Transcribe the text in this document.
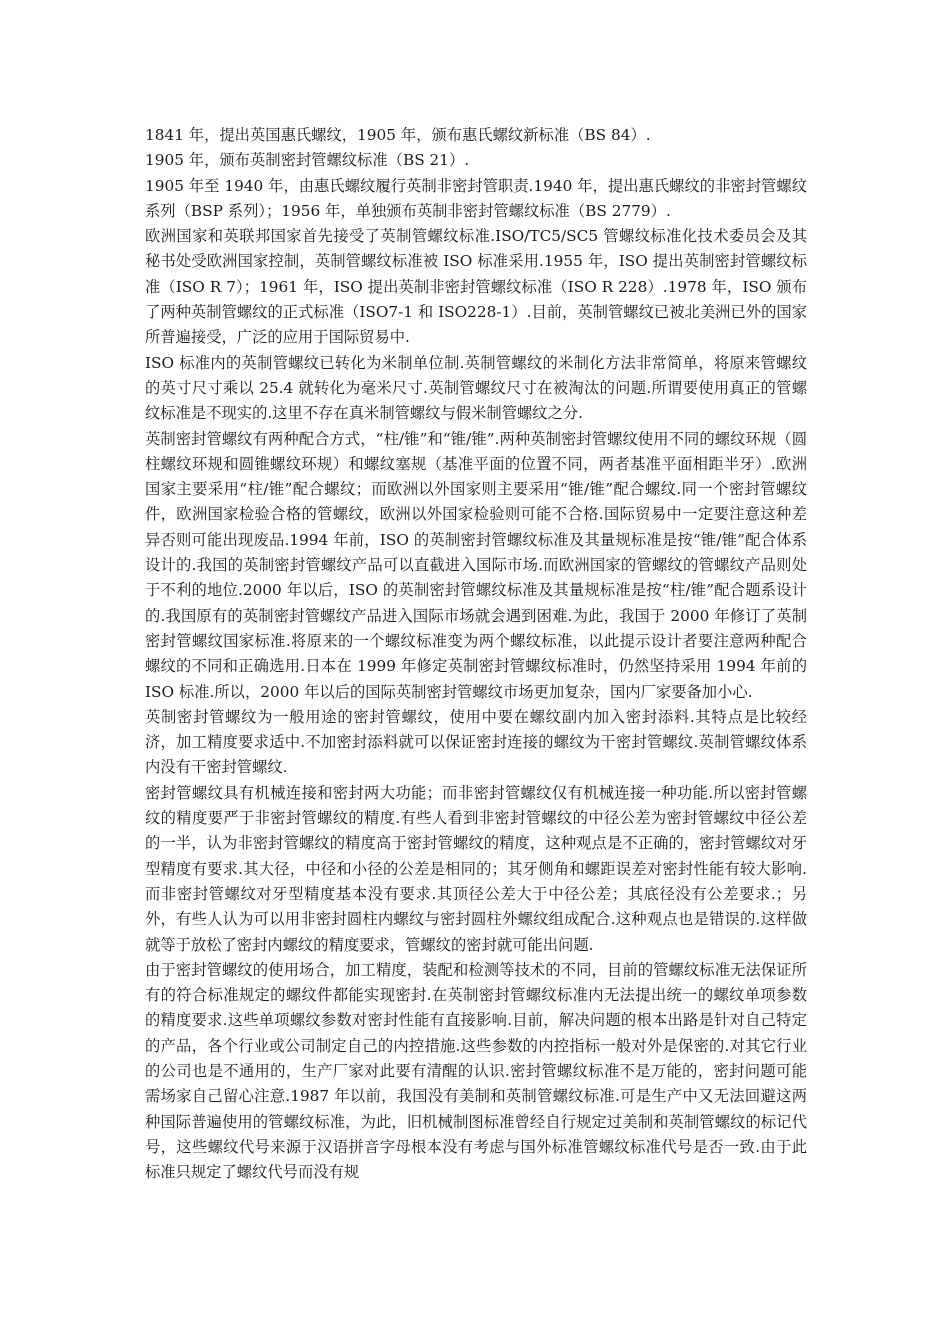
1841 年，提出英国惠氏螺纹，1905 年，颁布惠氏螺纹新标准（BS 84）.

1905 年，颁布英制密封管螺纹标准（BS 21）.

1905 年至 1940 年，由惠氏螺纹履行英制非密封管职责.1940 年，提出惠氏螺纹的非密封管螺纹系列（BSP 系列）；1956 年，单独颁布英制非密封管螺纹标准（BS 2779）.

欧洲国家和英联邦国家首先接受了英制管螺纹标准.ISO/TC5/SC5 管螺纹标准化技术委员会及其秘书处受欧洲国家控制，英制管螺纹标准被 ISO 标准采用.1955 年，ISO 提出英制密封管螺纹标准（ISO R 7）；1961 年，ISO 提出英制非密封管螺纹标准（ISO R 228）.1978 年，ISO 颁布了两种英制管螺纹的正式标准（ISO7-1 和 ISO228-1）.目前，英制管螺纹已被北美洲已外的国家所普遍接受，广泛的应用于国际贸易中.

ISO 标准内的英制管螺纹已转化为米制单位制.英制管螺纹的米制化方法非常简单，将原来管螺纹的英寸尺寸乘以 25.4 就转化为毫米尺寸.英制管螺纹尺寸在被淘汰的问题.所谓要使用真正的管螺纹标准是不现实的.这里不存在真米制管螺纹与假米制管螺纹之分.

英制密封管螺纹有两种配合方式，“柱/锥”和“锥/锥”.两种英制密封管螺纹使用不同的螺纹环规（圆柱螺纹环规和圆锥螺纹环规）和螺纹塞规（基准平面的位置不同，两者基准平面相距半牙）.欧洲国家主要采用“柱/锥”配合螺纹；而欧洲以外国家则主要采用“锥/锥”配合螺纹.同一个密封管螺纹件，欧洲国家检验合格的管螺纹，欧洲以外国家检验则可能不合格.国际贸易中一定要注意这种差异否则可能出现废品.1994 年前，ISO 的英制密封管螺纹标准及其量规标准是按“锥/锥”配合体系设计的.我国的英制密封管螺纹产品可以直截进入国际市场.而欧洲国家的管螺纹的管螺纹产品则处于不利的地位.2000 年以后，ISO 的英制密封管螺纹标准及其量规标准是按“柱/锥”配合题系设计的.我国原有的英制密封管螺纹产品进入国际市场就会遇到困难.为此，我国于 2000 年修订了英制密封管螺纹国家标准.将原来的一个螺纹标准变为两个螺纹标准，以此提示设计者要注意两种配合螺纹的不同和正确选用.日本在 1999 年修定英制密封管螺纹标准时，仍然坚持采用 1994 年前的 ISO 标准.所以，2000 年以后的国际英制密封管螺纹市场更加复杂，国内厂家要备加小心.

英制密封管螺纹为一般用途的密封管螺纹，使用中要在螺纹副内加入密封添料.其特点是比较经济，加工精度要求适中.不加密封添料就可以保证密封连接的螺纹为干密封管螺纹.英制管螺纹体系内没有干密封管螺纹.

密封管螺纹具有机械连接和密封两大功能；而非密封管螺纹仅有机械连接一种功能.所以密封管螺纹的精度要严于非密封管螺纹的精度.有些人看到非密封管螺纹的中径公差为密封管螺纹中径公差的一半，认为非密封管螺纹的精度高于密封管螺纹的精度，这种观点是不正确的，密封管螺纹对牙型精度有要求.其大径，中径和小径的公差是相同的；其牙侧角和螺距误差对密封性能有较大影响.而非密封管螺纹对牙型精度基本没有要求.其顶径公差大于中径公差；其底径没有公差要求.；另外，有些人认为可以用非密封圆柱内螺纹与密封圆柱外螺纹组成配合.这种观点也是错误的.这样做就等于放松了密封内螺纹的精度要求，管螺纹的密封就可能出问题.

由于密封管螺纹的使用场合，加工精度，装配和检测等技术的不同，目前的管螺纹标准无法保证所有的符合标准规定的螺纹件都能实现密封.在英制密封管螺纹标准内无法提出统一的螺纹单项参数的精度要求.这些单项螺纹参数对密封性能有直接影响.目前，解决问题的根本出路是针对自己特定的产品，各个行业或公司制定自己的内控措施.这些参数的内控指标一般对外是保密的.对其它行业的公司也是不通用的，生产厂家对此要有清醒的认识.密封管螺纹标准不是万能的，密封问题可能需场家自己留心注意.1987 年以前，我国没有美制和英制管螺纹标准.可是生产中又无法回避这两种国际普遍使用的管螺纹标准，为此，旧机械制图标准曾经自行规定过美制和英制管螺纹的标记代号，这些螺纹代号来源于汉语拼音字母根本没有考虑与国外标准管螺纹标准代号是否一致.由于此标准只规定了螺纹代号而没有规
